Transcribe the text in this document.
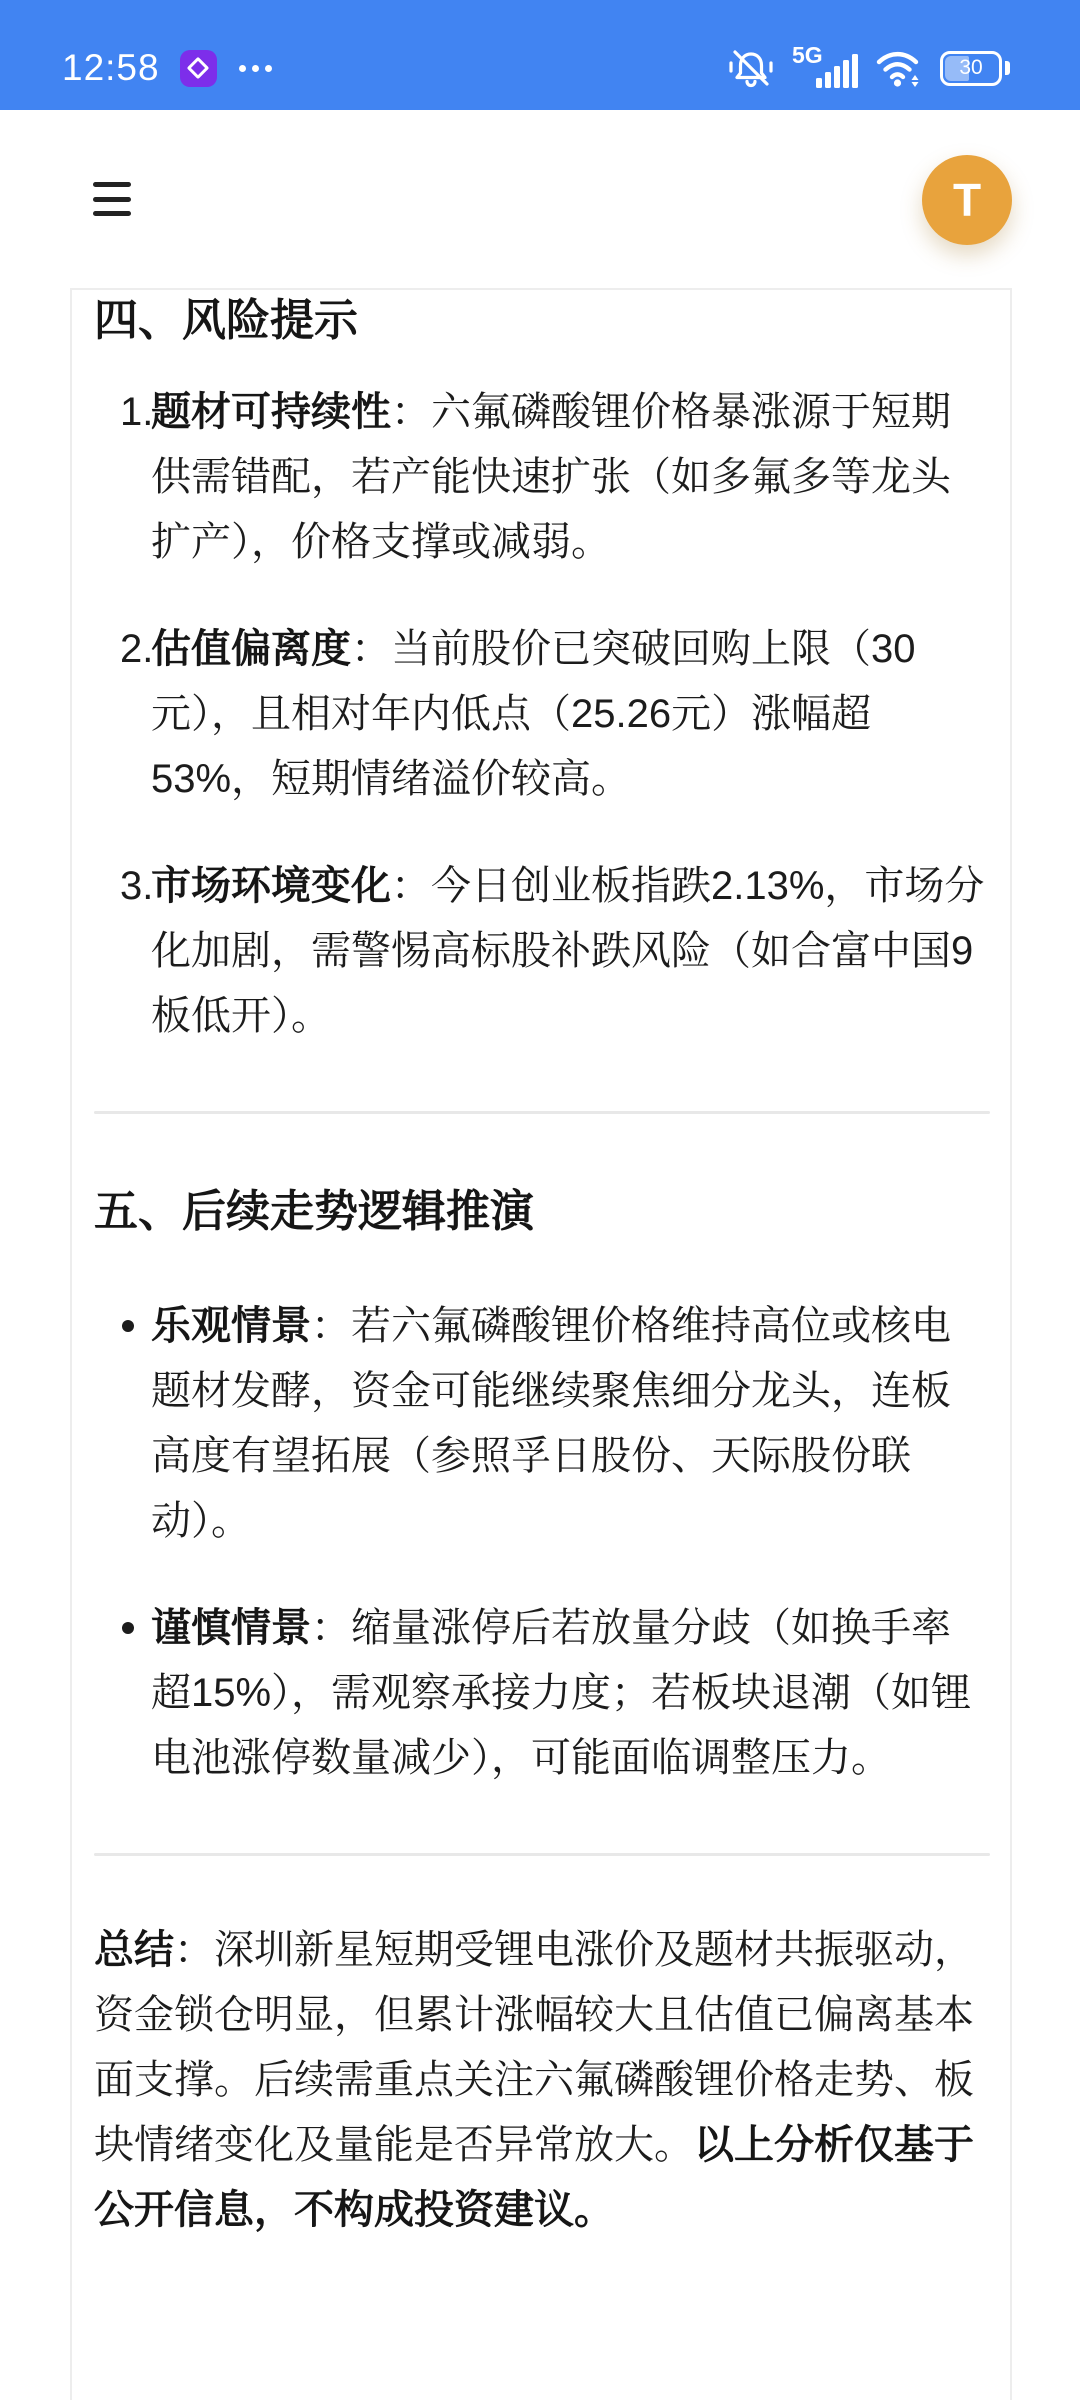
12:58	5G	30
T
四、风险提示
1.
题材可持续性：六氟磷酸锂价格暴涨源于短期供需错配，若产能快速扩张（如多氟多等龙头扩产），价格支撑或减弱。
2.
估值偏离度：当前股价已突破回购上限（30元），且相对年内低点（25.26元）涨幅超53%，短期情绪溢价较高。
3.
市场环境变化：今日创业板指跌2.13%，市场分化加剧，需警惕高标股补跌风险（如合富中国9板低开）。
五、后续走势逻辑推演
乐观情景：若六氟磷酸锂价格维持高位或核电题材发酵，资金可能继续聚焦细分龙头，连板高度有望拓展（参照孚日股份、天际股份联动）。
谨慎情景：缩量涨停后若放量分歧（如换手率超15%），需观察承接力度；若板块退潮（如锂电池涨停数量减少），可能面临调整压力。

总结：深圳新星短期受锂电涨价及题材共振驱动，资金锁仓明显，但累计涨幅较大且估值已偏离基本面支撑。后续需重点关注六氟磷酸锂价格走势、板块情绪变化及量能是否异常放大。以上分析仅基于公开信息，不构成投资建议。
